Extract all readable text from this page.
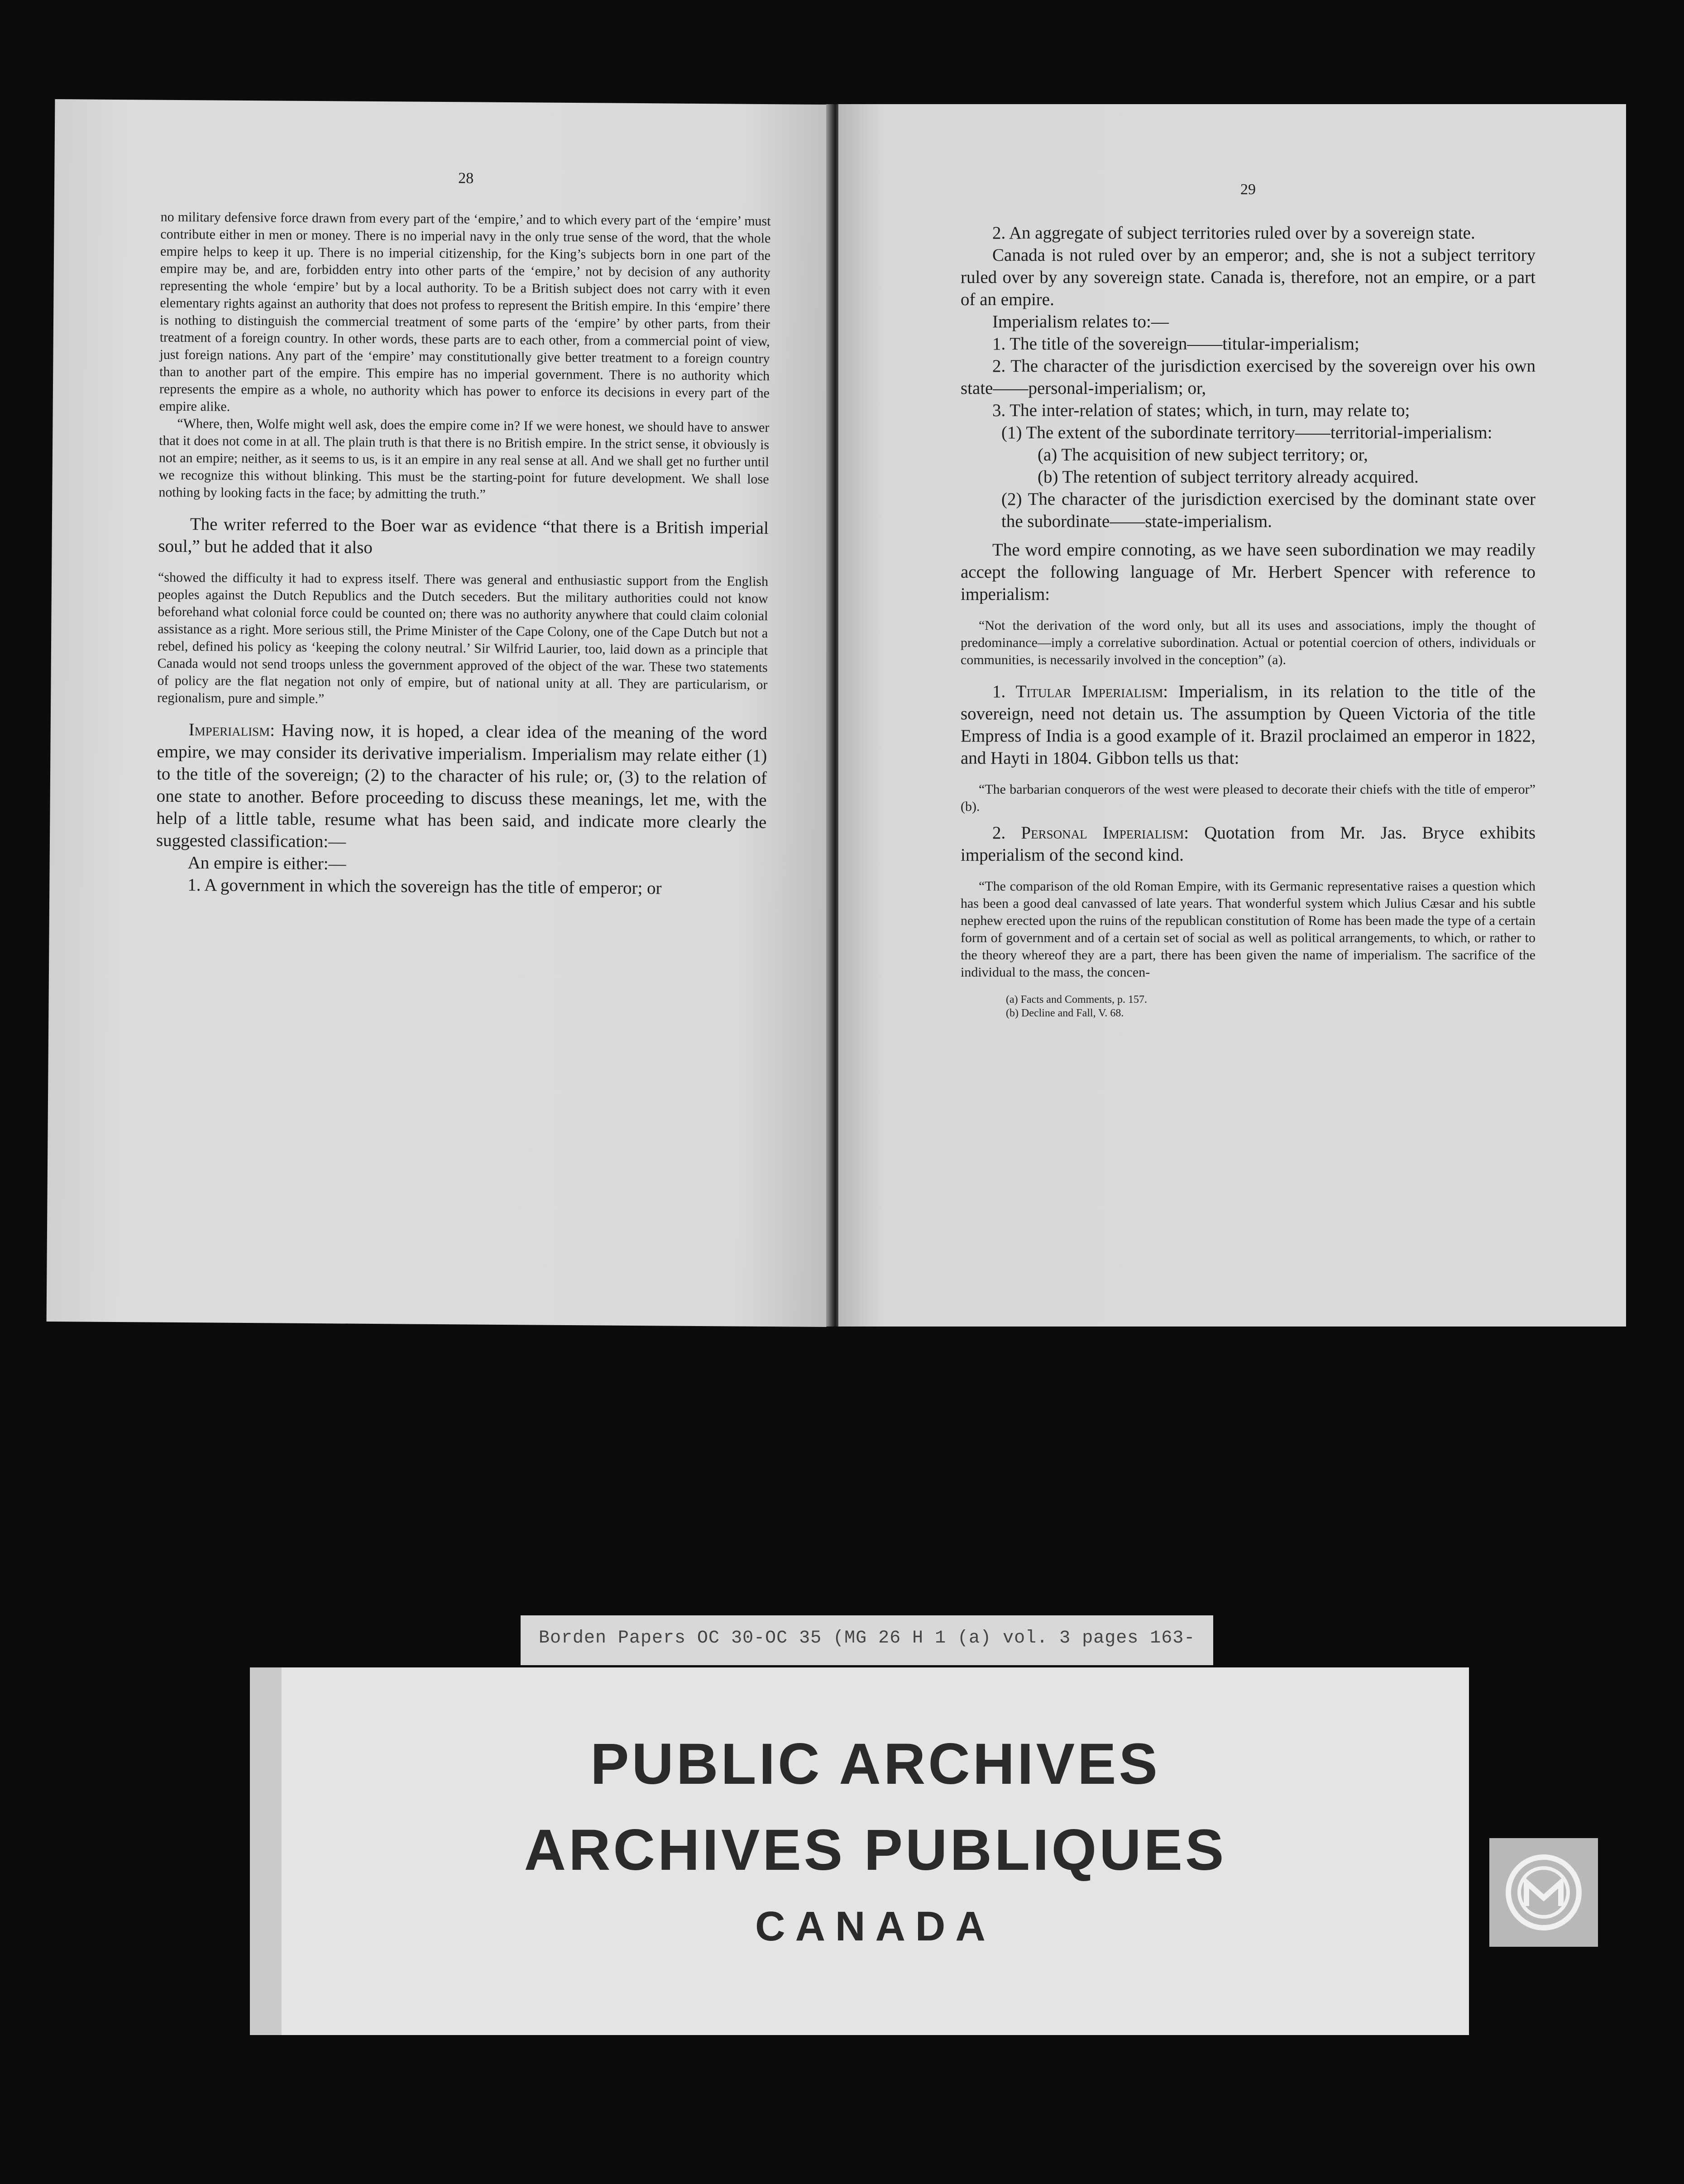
28

no military defensive force drawn from every part of the ‘empire,’ and to which every part of the ‘empire’ must contribute either in men or money. There is no imperial navy in the only true sense of the word, that the whole empire helps to keep it up. There is no imperial citizenship, for the King’s subjects born in one part of the empire may be, and are, forbidden entry into other parts of the ‘empire,’ not by decision of any authority representing the whole ‘empire’ but by a local authority. To be a British subject does not carry with it even elementary rights against an authority that does not profess to represent the British empire. In this ‘empire’ there is nothing to distinguish the commercial treatment of some parts of the ‘empire’ by other parts, from their treatment of a foreign country. In other words, these parts are to each other, from a commercial point of view, just foreign nations. Any part of the ‘empire’ may constitutionally give better treatment to a foreign country than to another part of the empire. This empire has no imperial government. There is no authority which represents the empire as a whole, no authority which has power to enforce its decisions in every part of the empire alike.

“Where, then, Wolfe might well ask, does the empire come in? If we were honest, we should have to answer that it does not come in at all. The plain truth is that there is no British empire. In the strict sense, it obviously is not an empire; neither, as it seems to us, is it an empire in any real sense at all. And we shall get no further until we recognize this without blinking. This must be the starting-point for future development. We shall lose nothing by looking facts in the face; by admitting the truth.”

The writer referred to the Boer war as evidence “that there is a British imperial soul,” but he added that it also

“showed the difficulty it had to express itself. There was general and enthusiastic support from the English peoples against the Dutch Republics and the Dutch seceders. But the military authorities could not know beforehand what colonial force could be counted on; there was no authority anywhere that could claim colonial assistance as a right. More serious still, the Prime Minister of the Cape Colony, one of the Cape Dutch but not a rebel, defined his policy as ‘keeping the colony neutral.’ Sir Wilfrid Laurier, too, laid down as a principle that Canada would not send troops unless the government approved of the object of the war. These two statements of policy are the flat negation not only of empire, but of national unity at all. They are particularism, or regionalism, pure and simple.”

Imperialism: Having now, it is hoped, a clear idea of the meaning of the word empire, we may consider its derivative imperialism. Imperialism may relate either (1) to the title of the sovereign; (2) to the character of his rule; or, (3) to the relation of one state to another. Before proceeding to discuss these meanings, let me, with the help of a little table, resume what has been said, and indicate more clearly the suggested classification:—

An empire is either:—

1. A government in which the sovereign has the title of emperor; or

29

2. An aggregate of subject territories ruled over by a sovereign state.

Canada is not ruled over by an emperor; and, she is not a subject territory ruled over by any sovereign state. Canada is, therefore, not an empire, or a part of an empire.

Imperialism relates to:—

1. The title of the sovereign——titular-imperialism;

2. The character of the jurisdiction exercised by the sovereign over his own state——personal-imperialism; or,

3. The inter-relation of states; which, in turn, may relate to;

(1) The extent of the subordinate territory——territorial-imperialism:

(a) The acquisition of new subject territory; or,

(b) The retention of subject territory already acquired.

(2) The character of the jurisdiction exercised by the dominant state over the subordinate——state-imperialism.

The word empire connoting, as we have seen subordination we may readily accept the following language of Mr. Herbert Spencer with reference to imperialism:

“Not the derivation of the word only, but all its uses and associations, imply the thought of predominance—imply a correlative subordination. Actual or potential coercion of others, individuals or communities, is necessarily involved in the conception” (a).

1. Titular Imperialism: Imperialism, in its relation to the title of the sovereign, need not detain us. The assumption by Queen Victoria of the title Empress of India is a good example of it. Brazil proclaimed an emperor in 1822, and Hayti in 1804. Gibbon tells us that:

“The barbarian conquerors of the west were pleased to decorate their chiefs with the title of emperor” (b).

2. Personal Imperialism: Quotation from Mr. Jas. Bryce exhibits imperialism of the second kind.

“The comparison of the old Roman Empire, with its Germanic representative raises a question which has been a good deal canvassed of late years. That wonderful system which Julius Cæsar and his subtle nephew erected upon the ruins of the republican constitution of Rome has been made the type of a certain form of government and of a certain set of social as well as political arrangements, to which, or rather to the theory whereof they are a part, there has been given the name of imperialism. The sacrifice of the individual to the mass, the concen-

(a) Facts and Comments, p. 157.

(b) Decline and Fall, V. 68.

Borden Papers OC 30-OC 35 (MG 26 H 1 (a) vol. 3 pages 163-
PUBLIC ARCHIVES
ARCHIVES PUBLIQUES
CANADA
